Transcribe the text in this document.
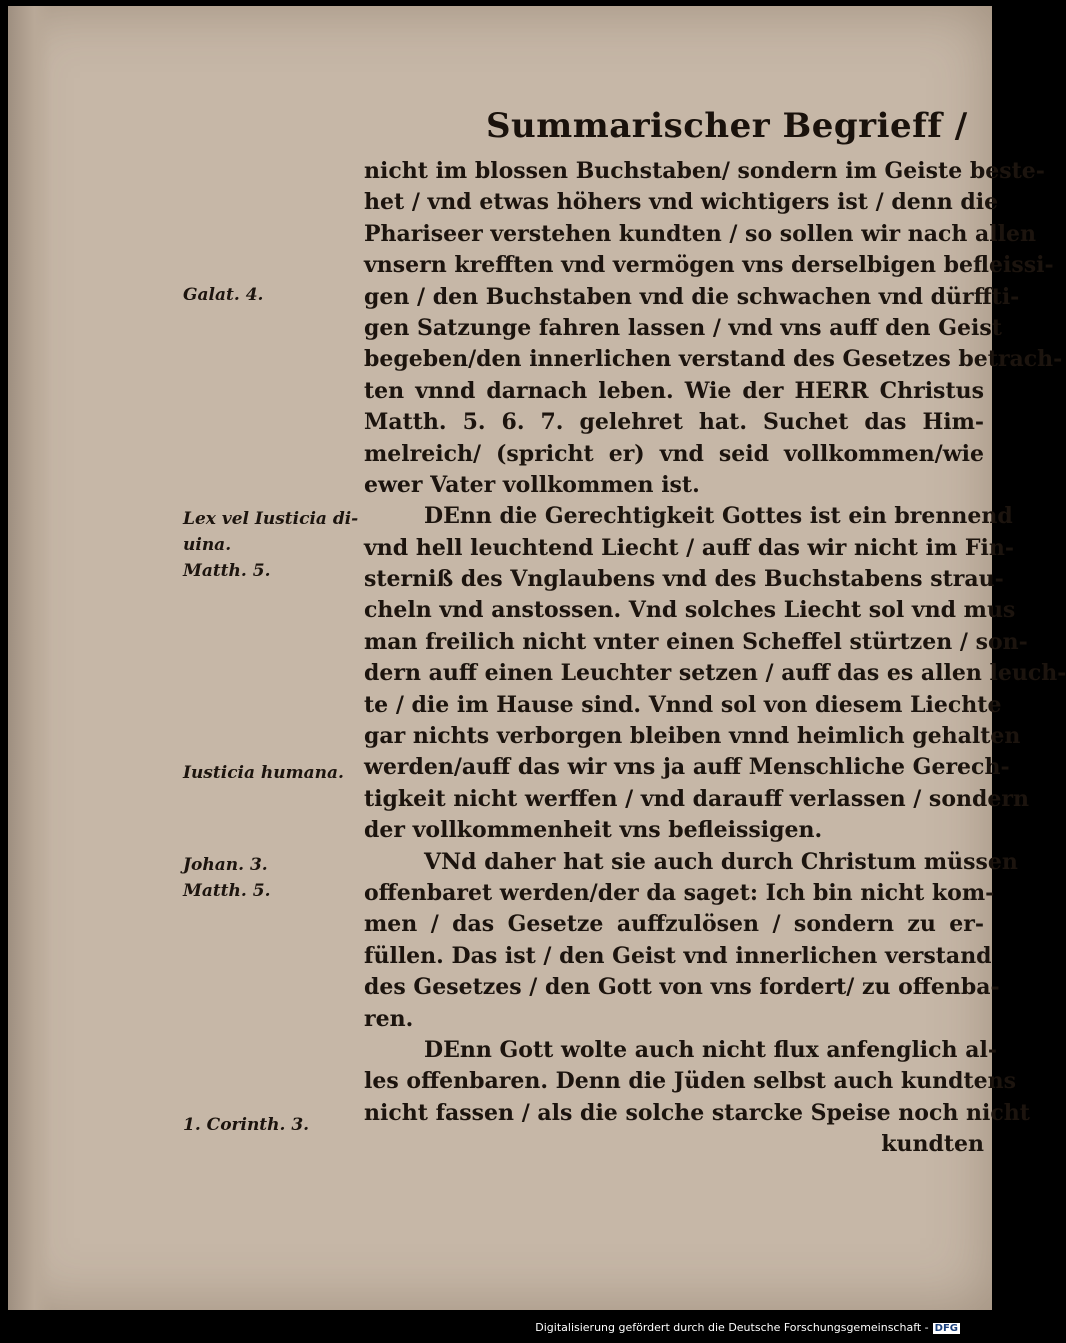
Summarischer Begrieff /
nicht im blossen Buchstaben/ sondern im Geiste beste-
het / vnd etwas höhers vnd wichtigers ist / denn die
Phariseer verstehen kundten / so sollen wir nach allen
vnsern krefften vnd vermögen vns derselbigen befleissi-
gen / den Buchstaben vnd die schwachen vnd dürffti-
gen Satzunge fahren lassen / vnd vns auff den Geist
begeben/den innerlichen verstand des Gesetzes betrach-
ten vnnd darnach leben. Wie der HERR Christus
Matth. 5. 6. 7. gelehret hat. Suchet das Him-
melreich/ (spricht er) vnd seid vollkommen/wie
ewer Vater vollkommen ist.
DEnn die Gerechtigkeit Gottes ist ein brennend
vnd hell leuchtend Liecht / auff das wir nicht im Fin-
sterniß des Vnglaubens vnd des Buchstabens strau-
cheln vnd anstossen. Vnd solches Liecht sol vnd mus
man freilich nicht vnter einen Scheffel stürtzen / son-
dern auff einen Leuchter setzen / auff das es allen leuch-
te / die im Hause sind. Vnnd sol von diesem Liechte
gar nichts verborgen bleiben vnnd heimlich gehalten
werden/auff das wir vns ja auff Menschliche Gerech-
tigkeit nicht werffen / vnd darauff verlassen / sondern
der vollkommenheit vns befleissigen.
VNd daher hat sie auch durch Christum müssen
offenbaret werden/der da saget: Ich bin nicht kom-
men / das Gesetze auffzulösen / sondern zu er-
füllen. Das ist / den Geist vnd innerlichen verstand
des Gesetzes / den Gott von vns fordert/ zu offenba-
ren.
DEnn Gott wolte auch nicht flux anfenglich al-
les offenbaren. Denn die Jüden selbst auch kundtens
nicht fassen / als die solche starcke Speise noch nicht
kundten
Galat. 4.
Lex vel Iusticia di-
uina.
Matth. 5.
Iusticia humana.
Johan. 3.
Matth. 5.
1. Corinth. 3.
Digitalisierung gefördert durch die Deutsche Forschungsgemeinschaft - DFG
